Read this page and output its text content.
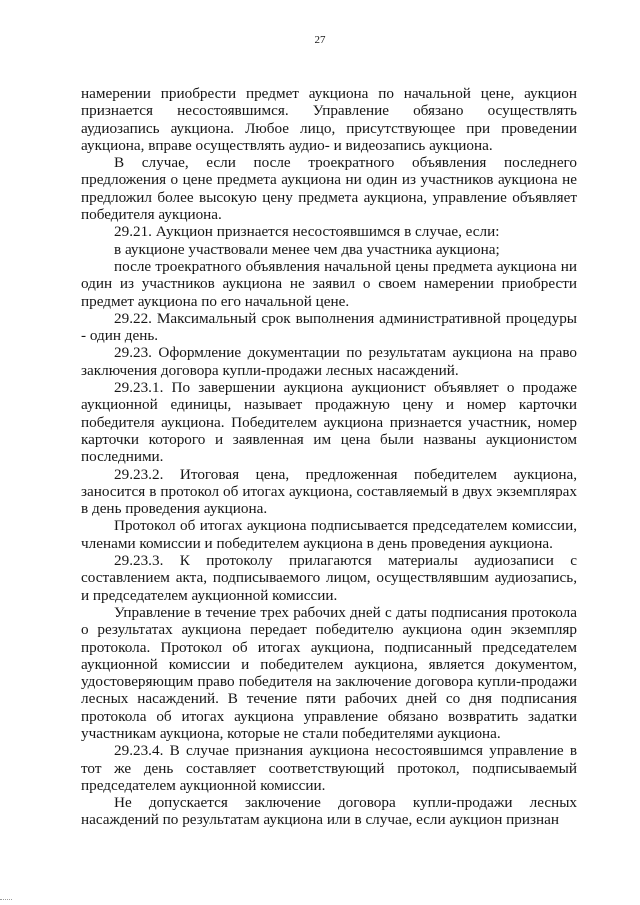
27

намерении приобрести предмет аукциона по начальной цене, аукцион признается несостоявшимся. Управление обязано осуществлять аудиозапись аукциона. Любое лицо, присутствующее при проведении аукциона, вправе осуществлять аудио- и видеозапись аукциона.

В случае, если после троекратного объявления последнего предложения о цене предмета аукциона ни один из участников аукциона не предложил более высокую цену предмета аукциона, управление объявляет победителя аукциона.

29.21. Аукцион признается несостоявшимся в случае, если:

в аукционе участвовали менее чем два участника аукциона;

после троекратного объявления начальной цены предмета аукциона ни один из участников аукциона не заявил о своем намерении приобрести предмет аукциона по его начальной цене.

29.22. Максимальный срок выполнения административной процедуры - один день.

29.23. Оформление документации по результатам аукциона на право заключения договора купли-продажи лесных насаждений.

29.23.1. По завершении аукциона аукционист объявляет о продаже аукционной единицы, называет продажную цену и номер карточки победителя аукциона. Победителем аукциона признается участник, номер карточки которого и заявленная им цена были названы аукционистом последними.

29.23.2. Итоговая цена, предложенная победителем аукциона, заносится в протокол об итогах аукциона, составляемый в двух экземплярах в день проведения аукциона.

Протокол об итогах аукциона подписывается председателем комиссии, членами комиссии и победителем аукциона в день проведения аукциона.

29.23.3. К протоколу прилагаются материалы аудиозаписи с составлением акта, подписываемого лицом, осуществлявшим аудиозапись, и председателем аукционной комиссии.

Управление в течение трех рабочих дней с даты подписания протокола о результатах аукциона передает победителю аукциона один экземпляр протокола. Протокол об итогах аукциона, подписанный председателем аукционной комиссии и победителем аукциона, является документом, удостоверяющим право победителя на заключение договора купли-продажи лесных насаждений. В течение пяти рабочих дней со дня подписания протокола об итогах аукциона управление обязано возвратить задатки участникам аукциона, которые не стали победителями аукциона.

29.23.4. В случае признания аукциона несостоявшимся управление в тот же день составляет соответствующий протокол, подписываемый председателем аукционной комиссии.

Не допускается заключение договора купли-продажи лесных насаждений по результатам аукциона или в случае, если аукцион признан
